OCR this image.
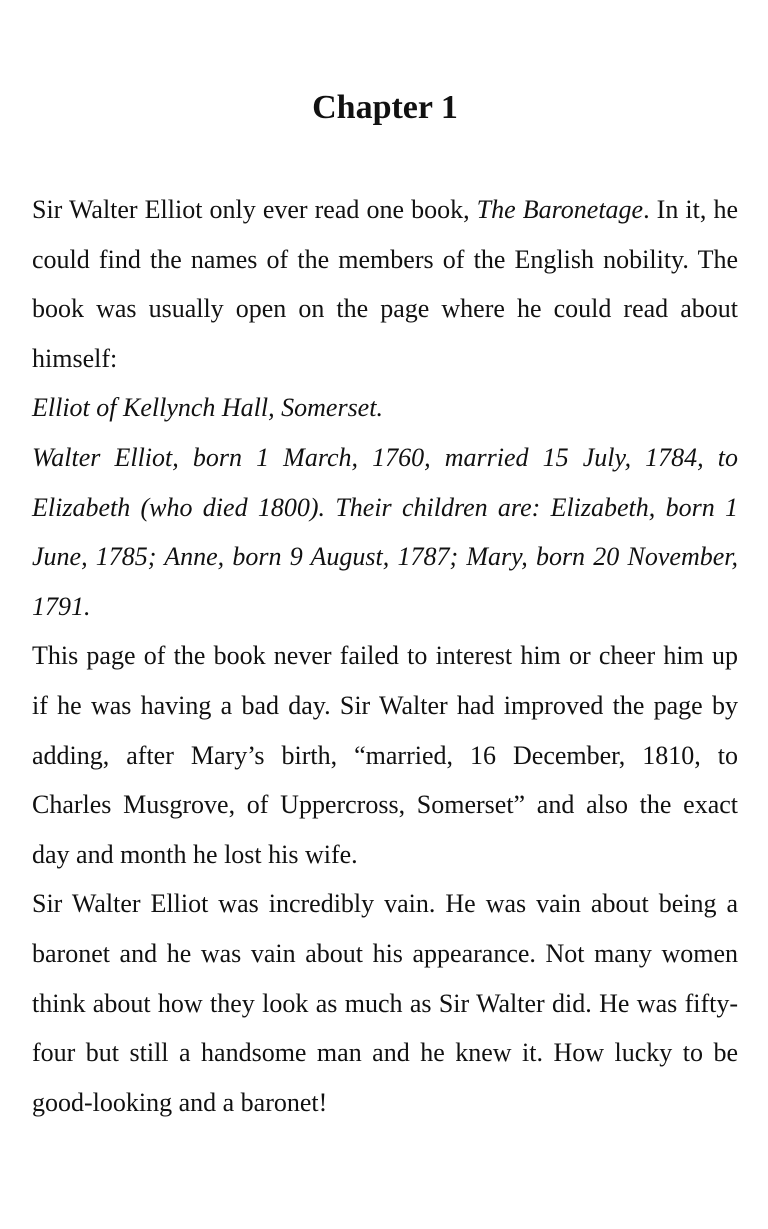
Chapter 1

Sir Walter Elliot only ever read one book, The Baronetage. In it, he could find the names of the members of the English nobility. The book was usually open on the page where he could read about himself:

Elliot of Kellynch Hall, Somerset.

Walter Elliot, born 1 March, 1760, married 15 July, 1784, to Elizabeth (who died 1800). Their children are: Elizabeth, born 1 June, 1785; Anne, born 9 August, 1787; Mary, born 20 November, 1791.

This page of the book never failed to interest him or cheer him up if he was having a bad day. Sir Walter had improved the page by adding, after Mary’s birth, “married, 16 December, 1810, to Charles Musgrove, of Uppercross, Somerset” and also the exact day and month he lost his wife.

Sir Walter Elliot was incredibly vain. He was vain about being a baronet and he was vain about his appearance. Not many women think about how they look as much as Sir Walter did. He was fifty-four but still a handsome man and he knew it. How lucky to be good-looking and a baronet!
